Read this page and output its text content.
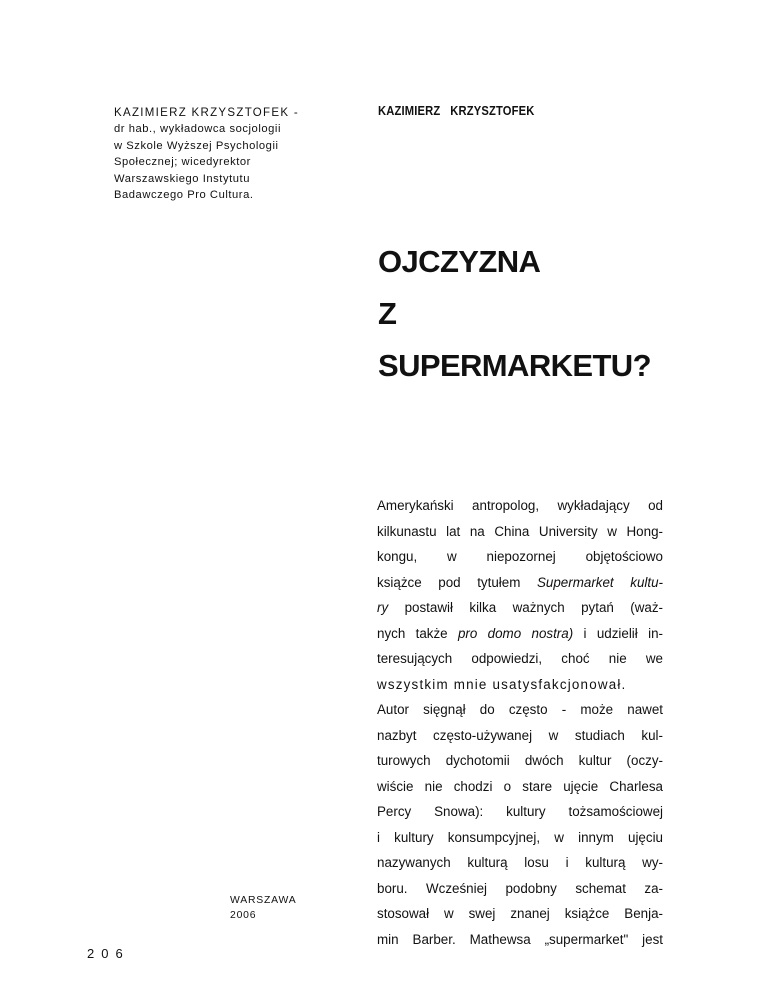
KAZIMIERZ KRZYSZTOFEK -
dr hab., wykładowca socjologii
w Szkole Wyższej Psychologii
Społecznej; wicedyrektor
Warszawskiego Instytutu
Badawczego Pro Cultura.
KAZIMIERZ   KRZYSZTOFEK
OJCZYZNA
Z
SUPERMARKETU?
Amerykański antropolog, wykładający od
kilkunastu lat na China University w Hong-
kongu, w niepozornej objętościowo
książce pod tytułem Supermarket kultu-
ry postawił kilka ważnych pytań (waż-
nych także pro domo nostra) i udzielił in-
teresujących odpowiedzi, choć nie we
wszystkim mnie usatysfakcjonował.
Autor sięgnął do często - może nawet
nazbyt często-używanej w studiach kul-
turowych dychotomii dwóch kultur (oczy-
wiście nie chodzi o stare ujęcie Charlesa
Percy Snowa): kultury tożsamościowej
i kultury konsumpcyjnej, w innym ujęciu
nazywanych kulturą losu i kulturą wy-
boru. Wcześniej podobny schemat za-
stosował w swej znanej książce Benja-
min Barber. Mathewsa „supermarket" jest
WARSZAWA
2006
206
